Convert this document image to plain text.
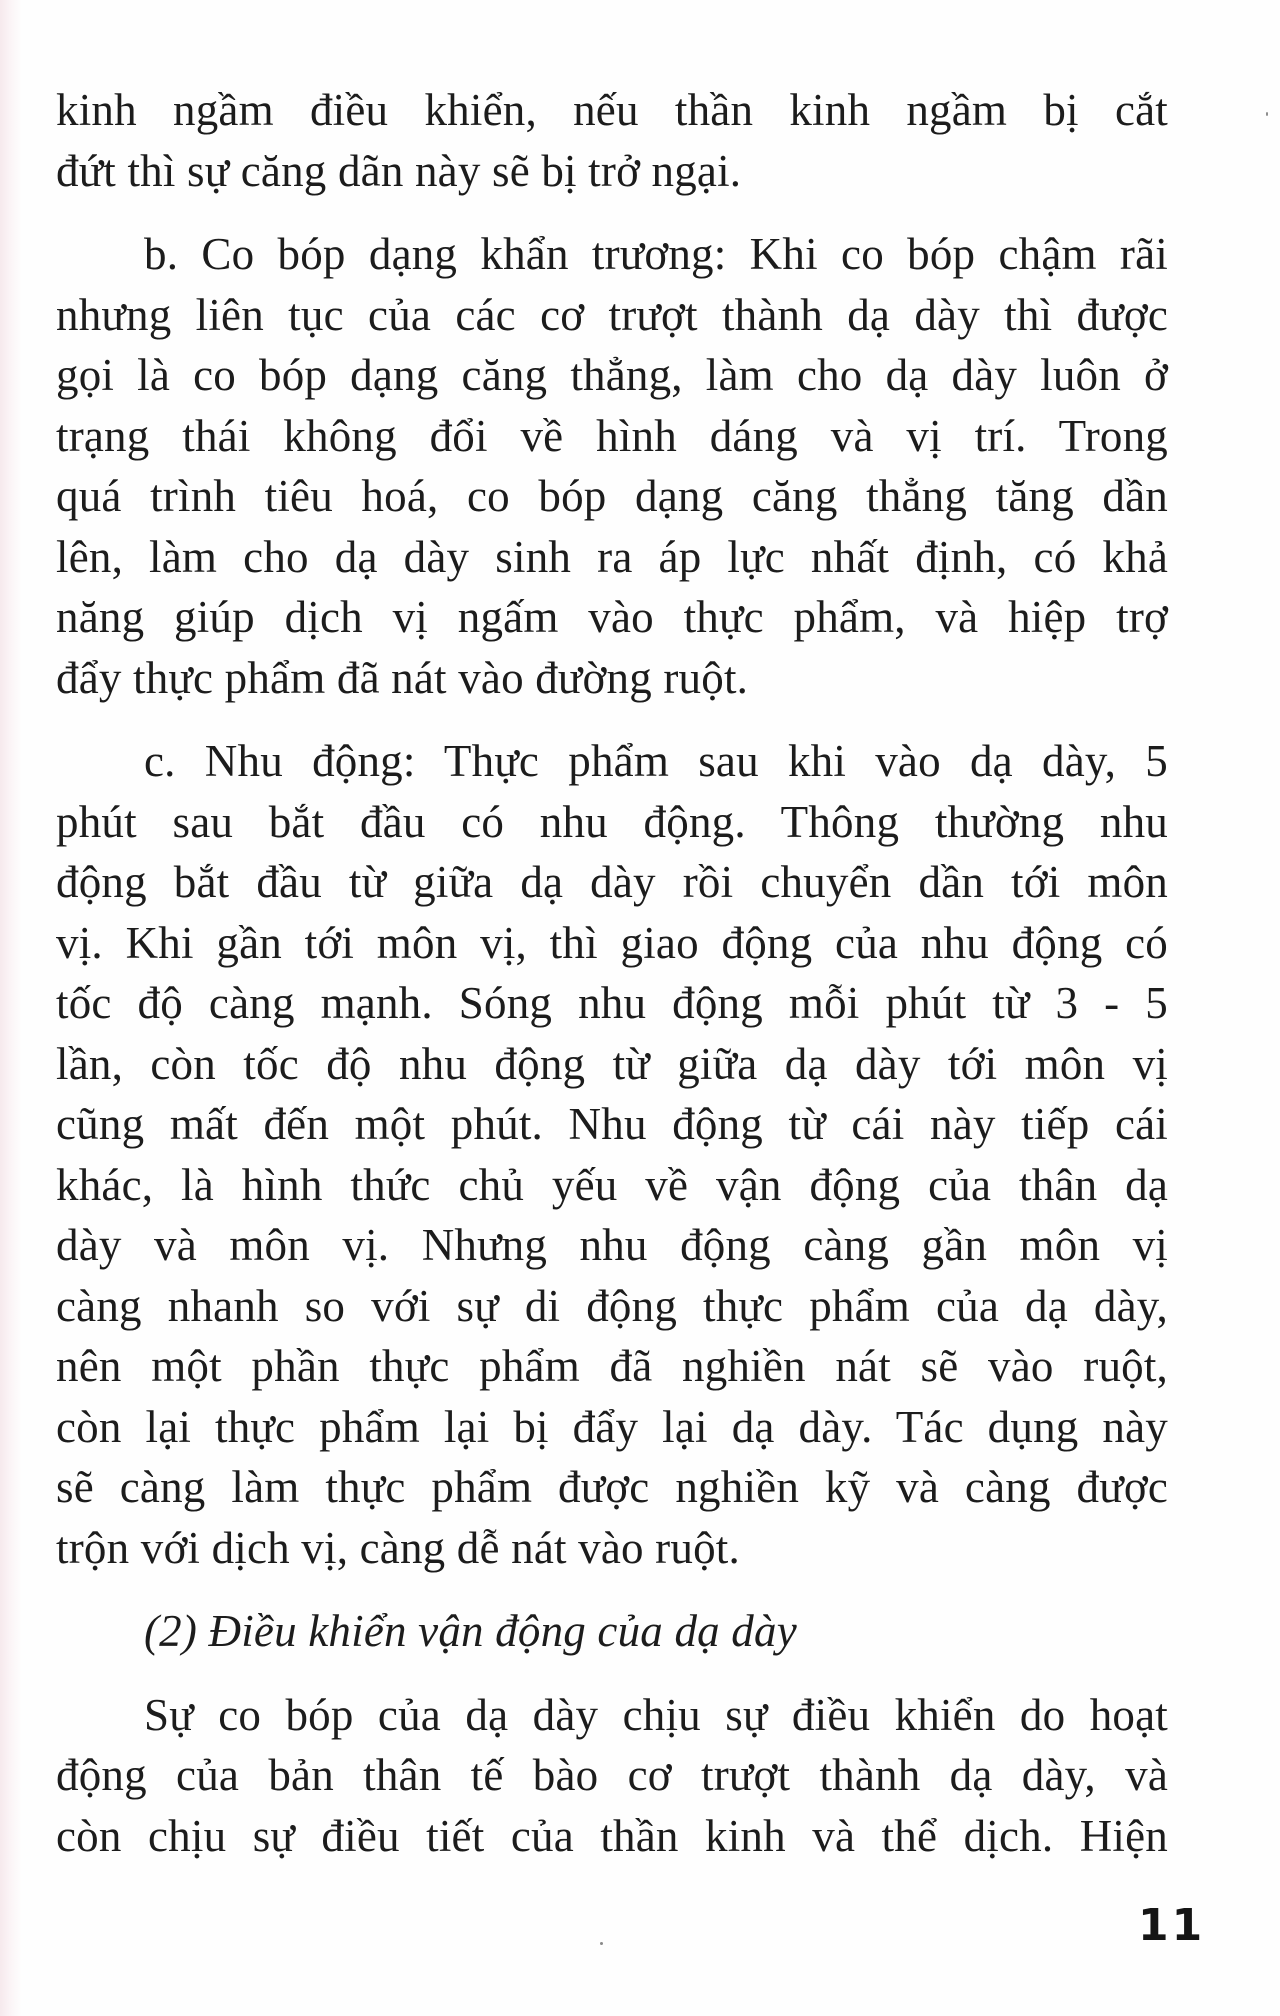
kinh ngầm điều khiển, nếu thần kinh ngầm bị cắt
đứt thì sự căng dãn này sẽ bị trở ngại.
b. Co bóp dạng khẩn trương: Khi co bóp chậm rãi
nhưng liên tục của các cơ trượt thành dạ dày thì được
gọi là co bóp dạng căng thẳng, làm cho dạ dày luôn ở
trạng thái không đổi về hình dáng và vị trí. Trong
quá trình tiêu hoá, co bóp dạng căng thẳng tăng dần
lên, làm cho dạ dày sinh ra áp lực nhất định, có khả
năng giúp dịch vị ngấm vào thực phẩm, và hiệp trợ
đẩy thực phẩm đã nát vào đường ruột.
c. Nhu động: Thực phẩm sau khi vào dạ dày, 5
phút sau bắt đầu có nhu động. Thông thường nhu
động bắt đầu từ giữa dạ dày rồi chuyển dần tới môn
vị. Khi gần tới môn vị, thì giao động của nhu động có
tốc độ càng mạnh. Sóng nhu động mỗi phút từ 3 - 5
lần, còn tốc độ nhu động từ giữa dạ dày tới môn vị
cũng mất đến một phút. Nhu động từ cái này tiếp cái
khác, là hình thức chủ yếu về vận động của thân dạ
dày và môn vị. Nhưng nhu động càng gần môn vị
càng nhanh so với sự di động thực phẩm của dạ dày,
nên một phần thực phẩm đã nghiền nát sẽ vào ruột,
còn lại thực phẩm lại bị đẩy lại dạ dày. Tác dụng này
sẽ càng làm thực phẩm được nghiền kỹ và càng được
trộn với dịch vị, càng dễ nát vào ruột.
(2) Điều khiển vận động của dạ dày
Sự co bóp của dạ dày chịu sự điều khiển do hoạt
động của bản thân tế bào cơ trượt thành dạ dày, và
còn chịu sự điều tiết của thần kinh và thể dịch. Hiện
11
